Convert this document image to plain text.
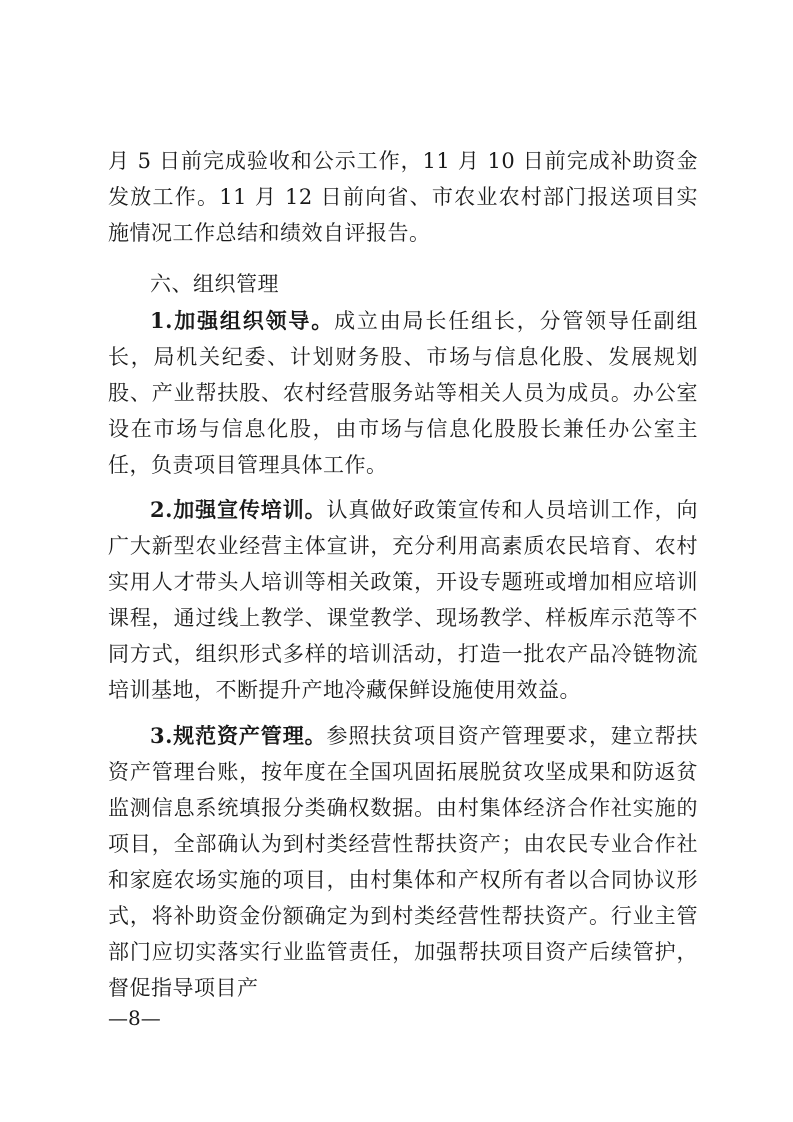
月 5 日前完成验收和公示工作，11 月 10 日前完成补助资金发放工作。11 月 12 日前向省、市农业农村部门报送项目实施情况工作总结和绩效自评报告。
六、组织管理
1.加强组织领导。成立由局长任组长，分管领导任副组长，局机关纪委、计划财务股、市场与信息化股、发展规划股、产业帮扶股、农村经营服务站等相关人员为成员。办公室设在市场与信息化股，由市场与信息化股股长兼任办公室主任，负责项目管理具体工作。
2.加强宣传培训。认真做好政策宣传和人员培训工作，向广大新型农业经营主体宣讲，充分利用高素质农民培育、农村实用人才带头人培训等相关政策，开设专题班或增加相应培训课程，通过线上教学、课堂教学、现场教学、样板库示范等不同方式，组织形式多样的培训活动，打造一批农产品冷链物流培训基地，不断提升产地冷藏保鲜设施使用效益。
3.规范资产管理。参照扶贫项目资产管理要求，建立帮扶资产管理台账，按年度在全国巩固拓展脱贫攻坚成果和防返贫监测信息系统填报分类确权数据。由村集体经济合作社实施的项目，全部确认为到村类经营性帮扶资产；由农民专业合作社和家庭农场实施的项目，由村集体和产权所有者以合同协议形式，将补助资金份额确定为到村类经营性帮扶资产。行业主管部门应切实落实行业监管责任，加强帮扶项目资产后续管护，督促指导项目产
—8—
